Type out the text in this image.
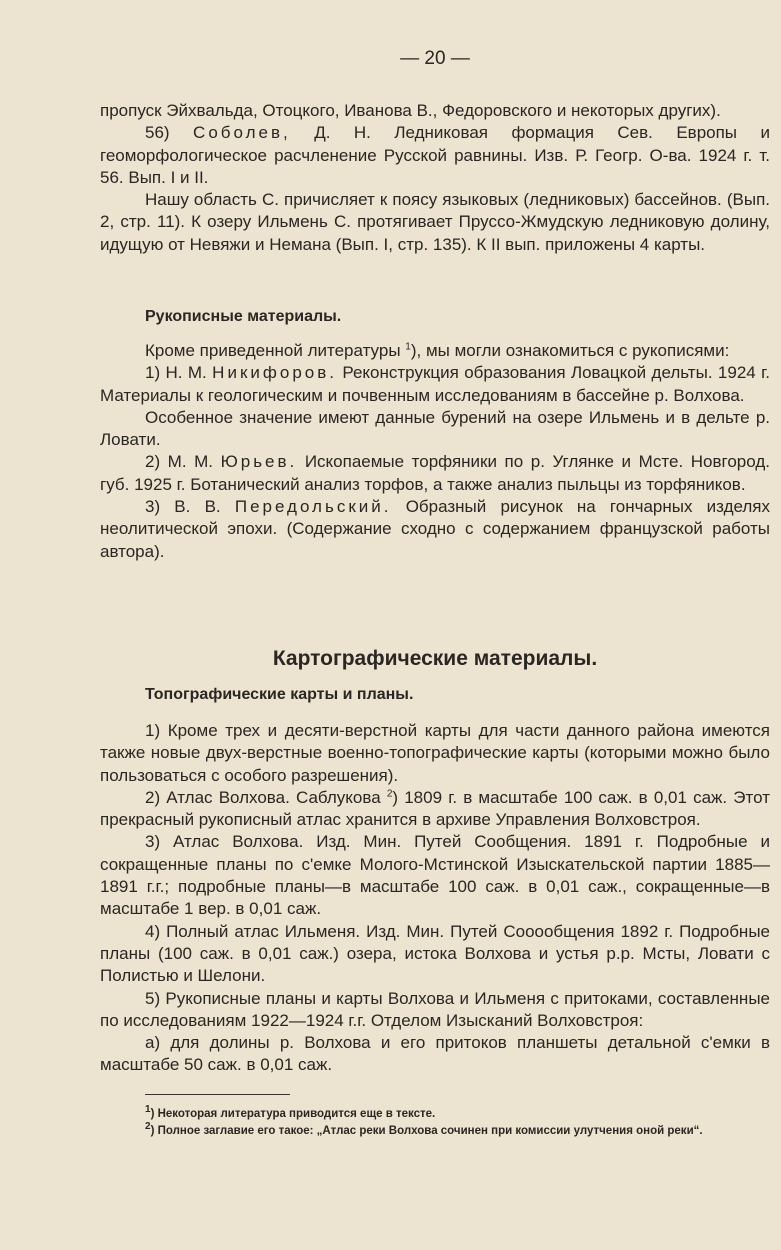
— 20 —

пропуск Эйхвальда, Отоцкого, Иванова В., Федоровского и некоторых других).

56) Соболев, Д. Н. Ледниковая формация Сев. Европы и геоморфологическое расчленение Русской равнины. Изв. Р. Геогр. О-ва. 1924 г. т. 56. Вып. I и II.

Нашу область С. причисляет к поясу языковых (ледниковых) бассейнов. (Вып. 2, стр. 11). К озеру Ильмень С. протягивает Пруссо-Жмудскую ледниковую долину, идущую от Невяжи и Немана (Вып. I, стр. 135). К II вып. приложены 4 карты.

Рукописные материалы.

Кроме приведенной литературы $^1$), мы могли ознакомиться с рукописями:

1) Н. М. Никифоров. Реконструкция образования Ловацкой дельты. 1924 г. Материалы к геологическим и почвенным исследованиям в бассейне р. Волхова.

Особенное значение имеют данные бурений на озере Ильмень и в дельте р. Ловати.

2) М. М. Юрьев. Ископаемые торфяники по р. Углянке и Мсте. Новгород. губ. 1925 г. Ботанический анализ торфов, а также анализ пыльцы из торфяников.

3) В. В. Передольский. Образный рисунок на гончарных изделях неолитической эпохи. (Содержание сходно с содержанием французской работы автора).

Картографические материалы.

Топографические карты и планы.

1) Кроме трех и десяти-верстной карты для части данного района имеются также новые двух-верстные военно-топографические карты (которыми можно было пользоваться с особого разрешения).

2) Атлас Волхова. Саблукова $^2$) 1809 г. в масштабе 100 саж. в 0,01 саж. Этот прекрасный рукописный атлас хранится в архиве Управления Волховстроя.

3) Атлас Волхова. Изд. Мин. Путей Сообщения. 1891 г. Подробные и сокращенные планы по с'емке Молого-Мстинской Изыскательской партии 1885—1891 г.г.; подробные планы—в масштабе 100 саж. в 0,01 саж., сокращенные—в масштабе 1 вер. в 0,01 саж.

4) Полный атлас Ильменя. Изд. Мин. Путей Сооообщения 1892 г. Подробные планы (100 саж. в 0,01 саж.) озера, истока Волхова и устья р.р. Мсты, Ловати с Полистью и Шелони.

5) Рукописные планы и карты Волхова и Ильменя с притоками, составленные по исследованиям 1922—1924 г.г. Отделом Изысканий Волховстроя:

а) для долины р. Волхова и его притоков планшеты детальной с'емки в масштабе 50 саж. в 0,01 саж.

1) Некоторая литература приводится еще в тексте.

2) Полное заглавие его такое: „Атлас реки Волхова сочинен при комиссии улутчения оной реки“.
